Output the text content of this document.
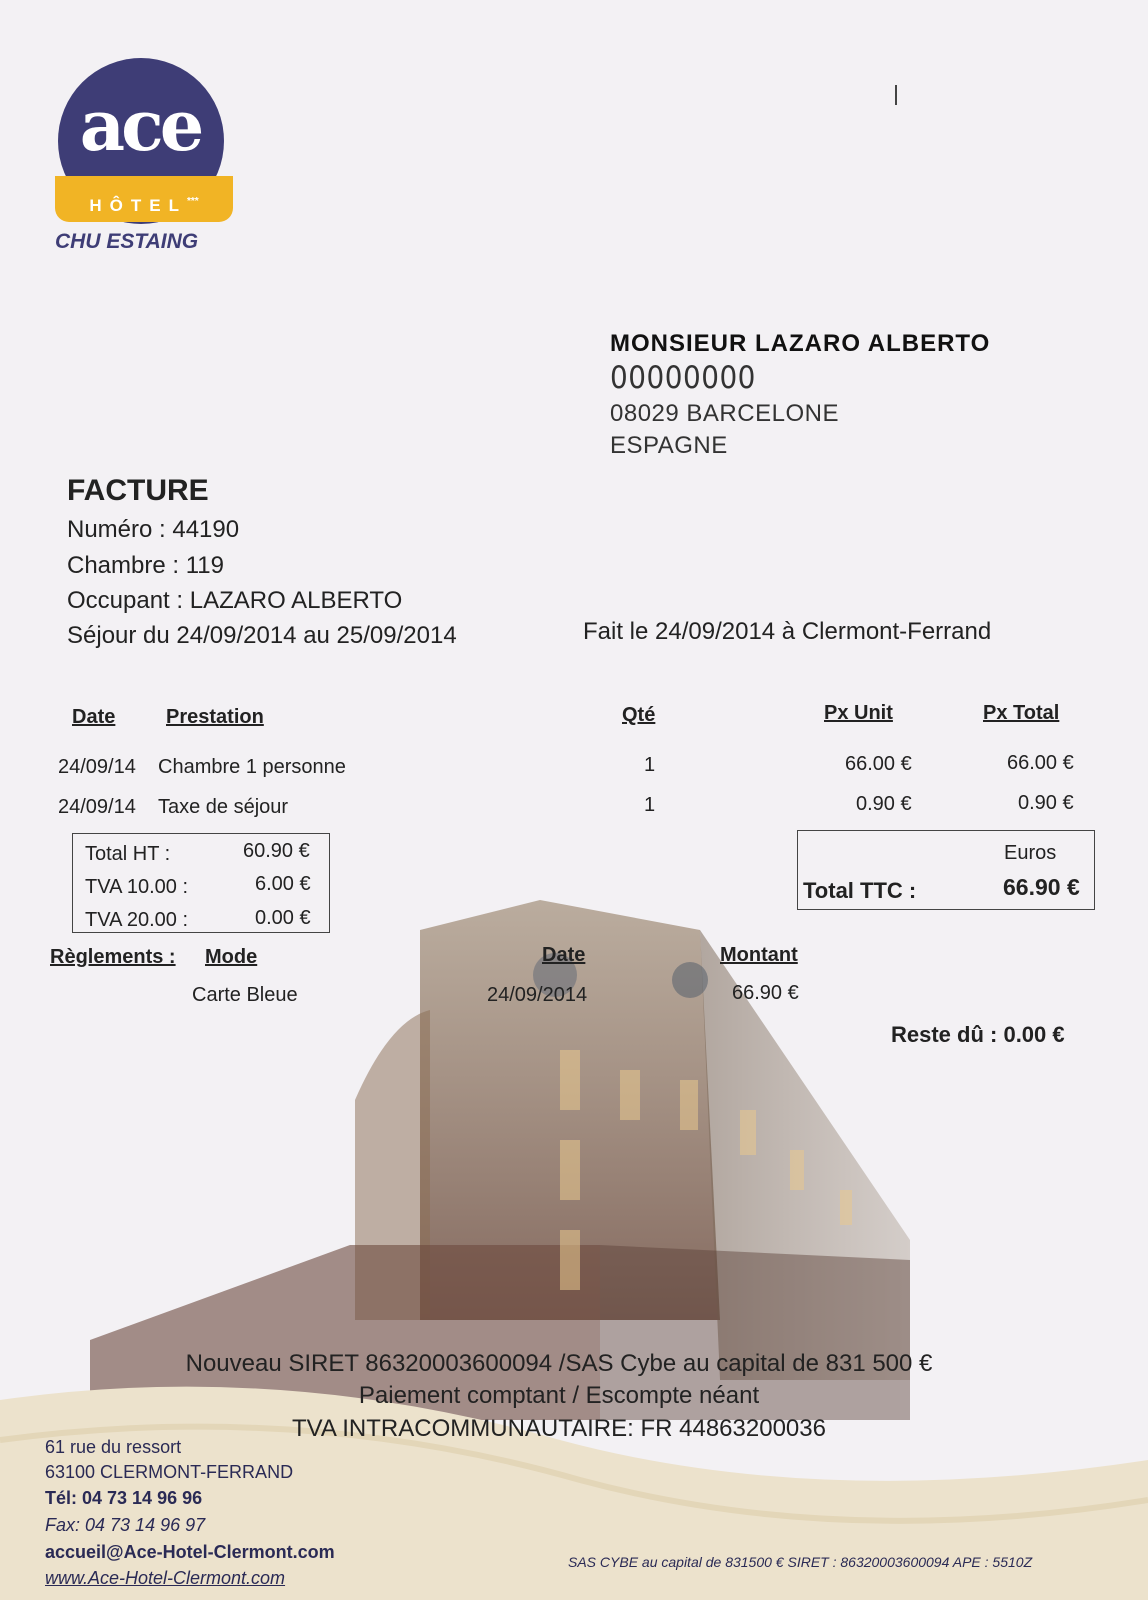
ace
HÔTEL***
CHU ESTAING
MONSIEUR LAZARO ALBERTO
00000000
08029 BARCELONE
ESPAGNE
FACTURE
Numéro : 44190
Chambre : 119
Occupant : LAZARO ALBERTO
Séjour du 24/09/2014 au 25/09/2014	Fait le 24/09/2014 à Clermont-Ferrand
Date	Prestation	Qté	Px Unit	Px Total
24/09/14 Chambre 1 personne	1	66.00 €	66.00 €
24/09/14 Taxe de séjour	1	0.90 €	0.90 €
Total HT :	60.90 €
TVA 10.00 :	6.00 €
TVA 20.00 :	0.00 €
Euros
Total TTC :	66.90 €
Règlements : Mode	Date	Montant
Carte Bleue	24/09/2014	66.90 €
Reste dû : 0.00 €
Nouveau SIRET 86320003600094 /SAS Cybe au capital de 831 500 €
Paiement comptant / Escompte néant
TVA INTRACOMMUNAUTAIRE: FR 44863200036
61 rue du ressort
63100 CLERMONT-FERRAND
Tél: 04 73 14 96 96
Fax: 04 73 14 96 97
accueil@Ace-Hotel-Clermont.com
www.Ace-Hotel-Clermont.com
SAS CYBE au capital de 831500 € SIRET : 86320003600094 APE : 5510Z
